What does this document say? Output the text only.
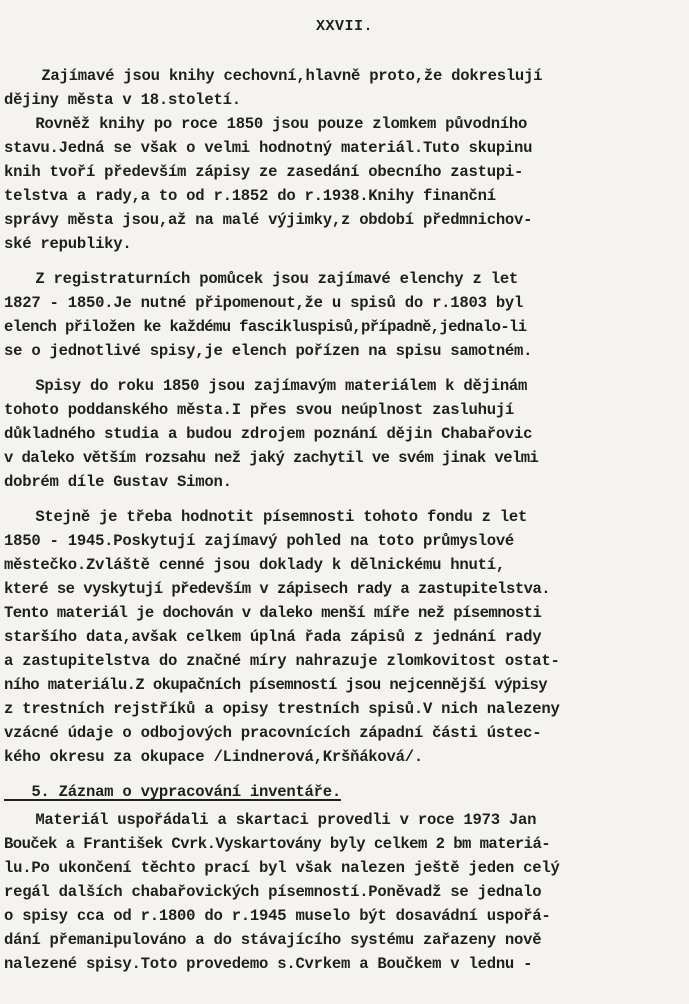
XXVII.
Zajímavé jsou knihy cechovní,hlavně proto,že dokreslují
dějiny města v 18.století.
Rovněž knihy po roce 1850 jsou pouze zlomkem původního
stavu.Jedná se však o velmi hodnotný materiál.Tuto skupinu
knih tvoří především zápisy ze zasedání obecního zastupi-
telstva a rady,a to od r.1852 do r.1938.Knihy finanční
správy města jsou,až na malé výjimky,z období předmnichov-
ské republiky.
Z registraturních pomůcek jsou zajímavé elenchy z let
1827 - 1850.Je nutné připomenout,že u spisů do r.1803 byl
elench přiložen ke každému fascikluspisů,případně,jednalo-li
se o jednotlivé spisy,je elench pořízen na spisu samotném.
Spisy do roku 1850 jsou zajímavým materiálem k dějinám
tohoto poddanského města.I přes svou neúplnost zasluhují
důkladného studia a budou zdrojem poznání dějin Chabařovic
v daleko větším rozsahu než jaký zachytil ve svém jinak velmi
dobrém díle Gustav Simon.
Stejně je třeba hodnotit písemnosti tohoto fondu z let
1850 - 1945.Poskytují zajímavý pohled na toto průmyslové
městečko.Zvláště cenné jsou doklady k dělnickému hnutí,
které se vyskytují především v zápisech rady a zastupitelstva.
Tento materiál je dochován v daleko menší míře než písemnosti
staršího data,avšak celkem úplná řada zápisů z jednání rady
a zastupitelstva do značné míry nahrazuje zlomkovitost ostat-
ního materiálu.Z okupačních písemností jsou nejcennější výpisy
z trestních rejstříků a opisy trestních spisů.V nich nalezeny
vzácné údaje o odbojových pracovnících západní části ústec-
kého okresu za okupace /Lindnerová,Kršňáková/.
5. Záznam o vypracování inventáře.
Materiál uspořádali a skartaci provedli v roce 1973 Jan
Bouček a František Cvrk.Vyskartovány byly celkem 2 bm materiá-
lu.Po ukončení těchto prací byl však nalezen ještě jeden celý
regál dalších chabařovických písemností.Poněvadž se jednalo
o spisy cca od r.1800 do r.1945 muselo být dosavádní uspořá-
dání přemanipulováno a do stávajícího systému zařazeny nově
nalezené spisy.Toto provedemo s.Cvrkem a Boučkem v lednu -
